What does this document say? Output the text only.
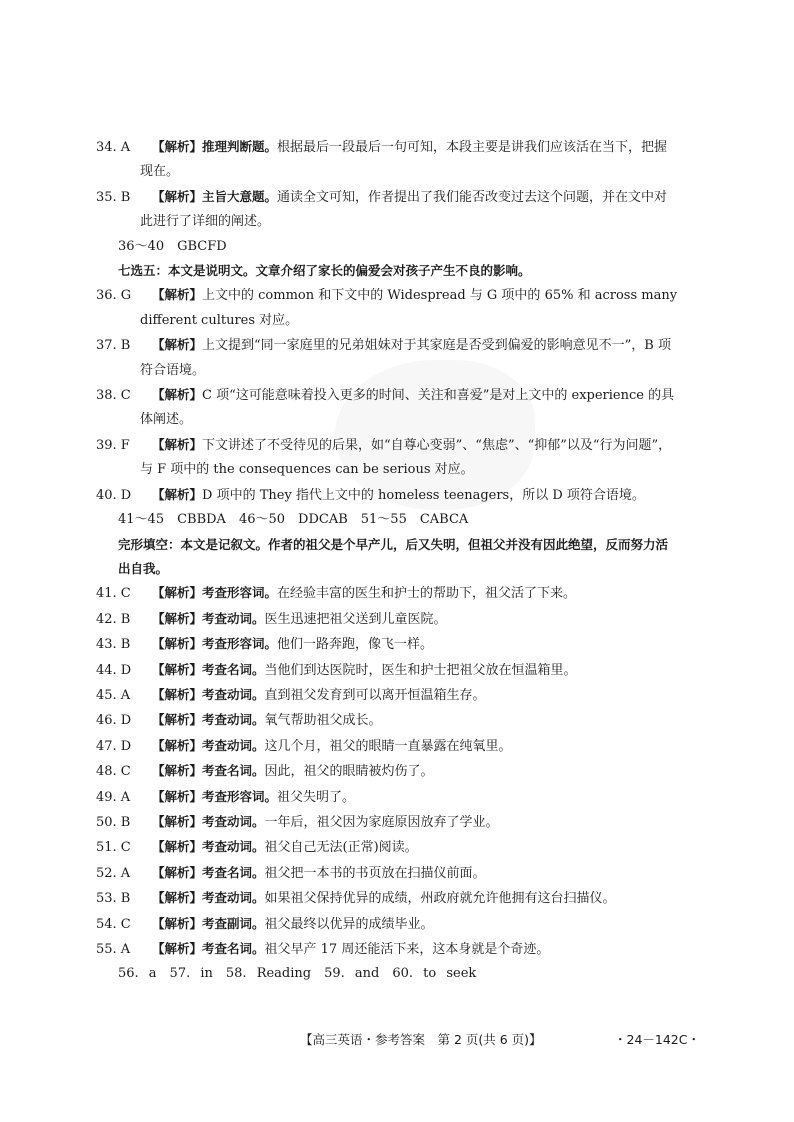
34. A 【解析】推理判断题。根据最后一段最后一句可知，本段主要是讲我们应该活在当下，把握现在。

35. B 【解析】主旨大意题。通读全文可知，作者提出了我们能否改变过去这个问题，并在文中对此进行了详细的阐述。

36～40　GBCFD

七选五：本文是说明文。文章介绍了家长的偏爱会对孩子产生不良的影响。

36. G 【解析】上文中的 common 和下文中的 Widespread 与 G 项中的 65% 和 across many different cultures 对应。

37. B 【解析】上文提到“同一家庭里的兄弟姐妹对于其家庭是否受到偏爱的影响意见不一”，B 项符合语境。

38. C 【解析】C 项“这可能意味着投入更多的时间、关注和喜爱”是对上文中的 experience 的具体阐述。

39. F 【解析】下文讲述了不受待见的后果，如“自尊心变弱”、“焦虑”、“抑郁”以及“行为问题”，与 F 项中的 the consequences can be serious 对应。

40. D 【解析】D 项中的 They 指代上文中的 homeless teenagers，所以 D 项符合语境。

41～45　CBBDA　46～50　DDCAB　51～55　CABCA

完形填空：本文是记叙文。作者的祖父是个早产儿，后又失明，但祖父并没有因此绝望，反而努力活出自我。

41. C 【解析】考查形容词。在经验丰富的医生和护士的帮助下，祖父活了下来。

42. B 【解析】考查动词。医生迅速把祖父送到儿童医院。

43. B 【解析】考查形容词。他们一路奔跑，像飞一样。

44. D 【解析】考查名词。当他们到达医院时，医生和护士把祖父放在恒温箱里。

45. A 【解析】考查动词。直到祖父发育到可以离开恒温箱生存。

46. D 【解析】考查动词。氧气帮助祖父成长。

47. D 【解析】考查动词。这几个月，祖父的眼睛一直暴露在纯氧里。

48. C 【解析】考查名词。因此，祖父的眼睛被灼伤了。

49. A 【解析】考查形容词。祖父失明了。

50. B 【解析】考查动词。一年后，祖父因为家庭原因放弃了学业。

51. C 【解析】考查动词。祖父自己无法(正常)阅读。

52. A 【解析】考查名词。祖父把一本书的书页放在扫描仪前面。

53. B 【解析】考查动词。如果祖父保持优异的成绩，州政府就允许他拥有这台扫描仪。

54. C 【解析】考查副词。祖父最终以优异的成绩毕业。

55. A 【解析】考查名词。祖父早产 17 周还能活下来，这本身就是个奇迹。

56. a　57. in　58. Reading　59. and　60. to seek

【高三英语・参考答案　第 2 页(共 6 页)】	・24－142C・
